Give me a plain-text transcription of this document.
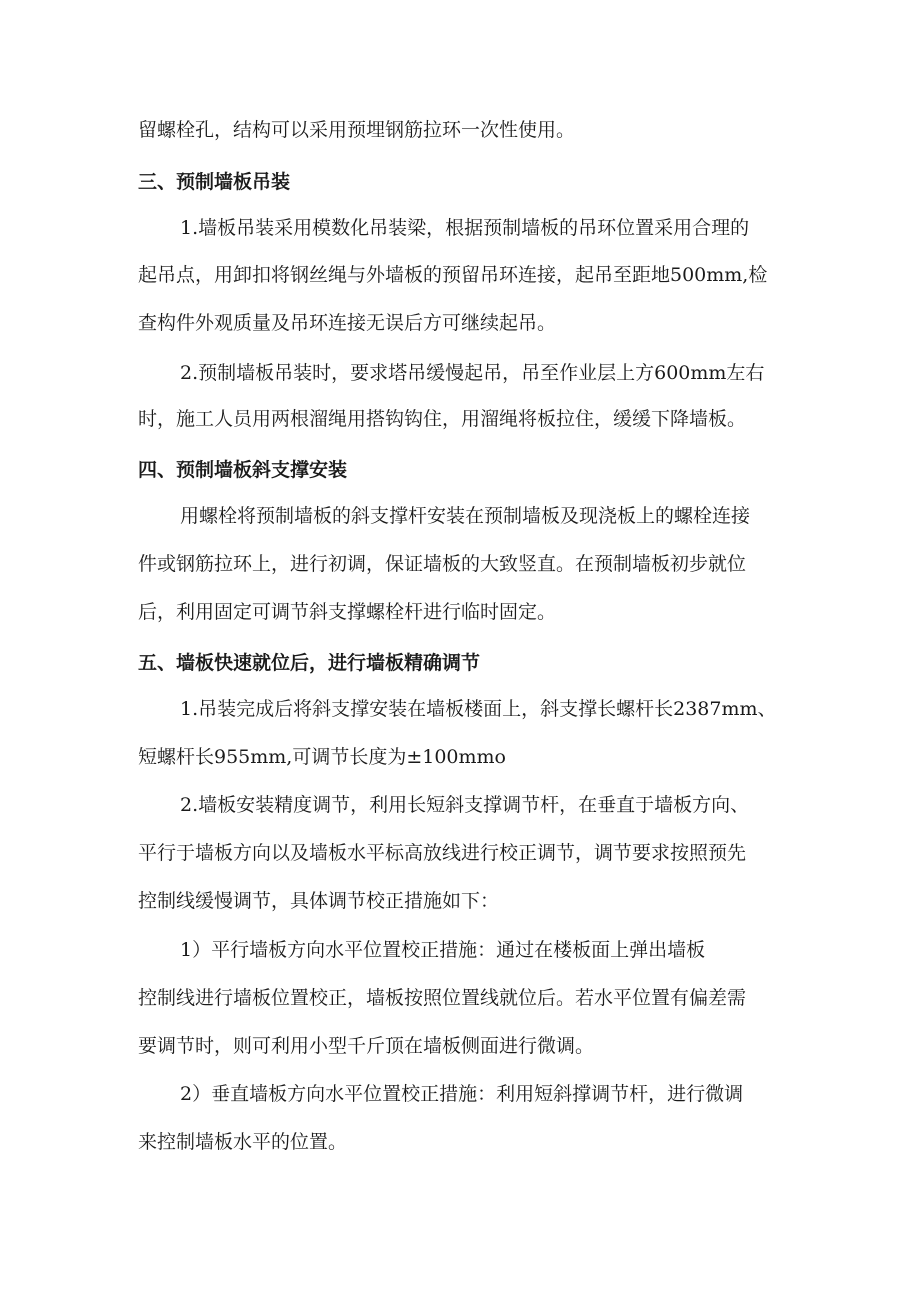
留螺栓孔，结构可以采用预埋钢筋拉环一次性使用。
三、预制墙板吊装
1.墙板吊装采用模数化吊装梁，根据预制墙板的吊环位置采用合理的
起吊点，用卸扣将钢丝绳与外墙板的预留吊环连接，起吊至距地500mm,检
查构件外观质量及吊环连接无误后方可继续起吊。
2.预制墙板吊装时，要求塔吊缓慢起吊，吊至作业层上方600mm左右
时，施工人员用两根溜绳用搭钩钩住，用溜绳将板拉住，缓缓下降墙板。
四、预制墙板斜支撑安装
用螺栓将预制墙板的斜支撑杆安装在预制墙板及现浇板上的螺栓连接
件或钢筋拉环上，进行初调，保证墙板的大致竖直。在预制墙板初步就位
后，利用固定可调节斜支撑螺栓杆进行临时固定。
五、墙板快速就位后，进行墙板精确调节
1.吊装完成后将斜支撑安装在墙板楼面上，斜支撑长螺杆长2387mm、
短螺杆长955mm,可调节长度为±100mmo
2.墙板安装精度调节，利用长短斜支撑调节杆，在垂直于墙板方向、
平行于墙板方向以及墙板水平标高放线进行校正调节，调节要求按照预先
控制线缓慢调节，具体调节校正措施如下：
1）平行墙板方向水平位置校正措施：通过在楼板面上弹出墙板
控制线进行墙板位置校正，墙板按照位置线就位后。若水平位置有偏差需
要调节时，则可利用小型千斤顶在墙板侧面进行微调。
2）垂直墙板方向水平位置校正措施：利用短斜撑调节杆，进行微调
来控制墙板水平的位置。
